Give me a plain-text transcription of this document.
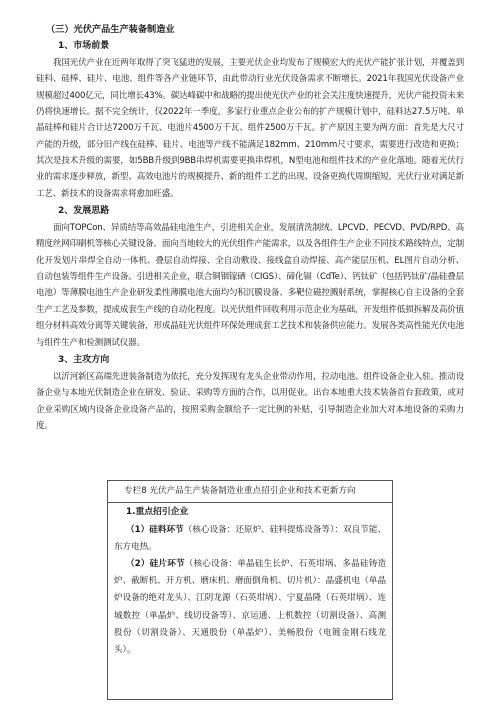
（三）光伏产品生产装备制造业
1、市场前景

我国光伏产业在近两年取得了突飞猛进的发展，主要光伏企业均发布了规模宏大的光伏产能扩张计划，并覆盖到硅料、硅棒、硅片、电池、组件等各产业链环节，由此带动行业光伏设备需求不断增长。2021年我国光伏设备产业规模超过400亿元，同比增长43%。碳达峰碳中和战略的提出使光伏产业的社会关注度快速提升，光伏产能投资未来仍将快速增长。据不完全统计，仅2022年一季度，多家行业重点企业公布的扩产规模计划中，硅料达27.5万吨、单晶硅棒和硅片合计达7200万千瓦、电池片4500万千瓦、组件2500万千瓦。扩产原因主要为两方面：首先是大尺寸产能的升级，部分旧产线在硅棒、硅片、电池等产线不能满足182mm、210mm尺寸要求，需要进行改造和更换；其次是技术升级的需要，如5BB升级到9BB串焊机需要更换串焊机，N型电池和组件技术的产业化落地。随着光伏行业的需求逐步释放，新型、高效电池片的规模提升、新的组件工艺的出现、设备更换代周期缩短，光伏行业对满足新工艺、新技术的设备需求将愈加旺盛。

2、发展思路

面向TOPCon、异质结等高效晶硅电池生产，引进相关企业，发展清洗制绒、LPCVD、PECVD、PVD/RPD、高精度丝网印刷机等核心关键设备。面向当地较大的光伏组件产能需求，以及各组件生产企业不同技术路线特点，定制化开发划片串焊全自动一体机、叠层自动焊接、全自动敷设、接线盒自动焊接、高产能层压机、EL图片自动分析、自动包装等组件生产设备。引进相关企业，联合铜铟镓硒（CIGS）、碲化镉（CdTe）、钙钛矿（包括钙钛矿/晶硅叠层电池）等薄膜电池生产企业研发柔性薄膜电池大面均匀积沉膜设备、多靶位磁控溅射系统，掌握核心自主设备的全套生产工艺及参数，提成成套生产线的自动化程度。以光伏组件回收利用示范企业为基础，开发组件低损拆解及高价值组分材料高效分离等关键装备，形成晶硅光伏组件环保处理成套工艺技术和装备供应能力。发展各类高性能光伏电池与组件生产和检测测试仪器。

3、主攻方向

以沂河新区高端先进装备制造为依托，充分发挥现有龙头企业带动作用，拉动电池、组件设备企业入驻。推动设备企业与本地光伏制造企业在研发、验证、采购等方面的合作，以用促业。出台本地重大技术装备首台套政策，或对企业采购区域内设备企业设备产品的，按照采购金额给予一定比例的补贴，引导制造企业加大对本地设备的采购力度。

专栏8 光伏产品生产装备制造业重点招引企业和技术更新方向
1.重点招引企业

（1）硅料环节（核心设备：还原炉、硅料提炼设备等）：双良节能、东方电热。

（2）硅片环节（核心设备：单晶硅生长炉、石英坩埚、多晶硅铸造炉、截断机、开方机、磨床机、磨面倒角机、切片机）：晶盛机电（单晶炉设备的绝对龙头）、江阴龙源（石英坩埚）、宁夏晶隆（石英坩埚）、连城数控（单晶炉、线切设备等）、京运通、上机数控（切割设备）、高测股份（切割设备）、天通股份（单晶炉）、美畅股份（电镀金刚石线龙头）。
